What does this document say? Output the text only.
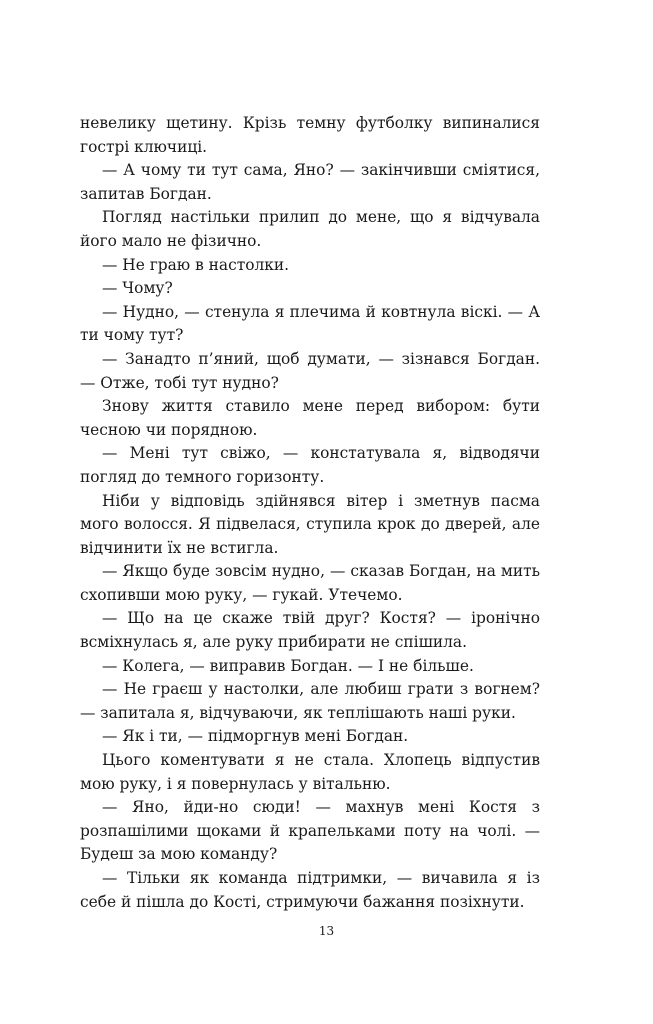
невелику щетину. Крізь темну футболку випиналися гострі ключиці.

— А чому ти тут сама, Яно? — закінчивши сміятися, запитав Богдан.

Погляд настільки прилип до мене, що я відчувала його мало не фізично.

— Не граю в настолки.

— Чому?

— Нудно, — стенула я плечима й ковтнула віскі. — А ти чому тут?

— Занадто п’яний, щоб думати, — зізнався Богдан. — Отже, тобі тут нудно?

Знову життя ставило мене перед вибором: бути чесною чи порядною.

— Мені тут свіжо, — констатувала я, відводячи погляд до темного горизонту.

Ніби у відповідь здійнявся вітер і зметнув пасма мого волосся. Я підвелася, ступила крок до дверей, але відчинити їх не встигла.

— Якщо буде зовсім нудно, — сказав Богдан, на мить схопивши мою руку, — гукай. Утечемо.

— Що на це скаже твій друг? Костя? — іронічно всміхнулась я, але руку прибирати не спішила.

— Колега, — виправив Богдан. — І не більше.

— Не граєш у настолки, але любиш грати з вогнем? — запитала я, відчуваючи, як теплішають наші руки.

— Як і ти, — підморгнув мені Богдан.

Цього коментувати я не стала. Хлопець відпустив мою руку, і я повернулась у вітальню.

— Яно, йди-но сюди! — махнув мені Костя з розпашілими щоками й крапельками поту на чолі. — Будеш за мою команду?

— Тільки як команда підтримки, — вичавила я із себе й пішла до Кості, стримуючи бажання позіхнути.

13
